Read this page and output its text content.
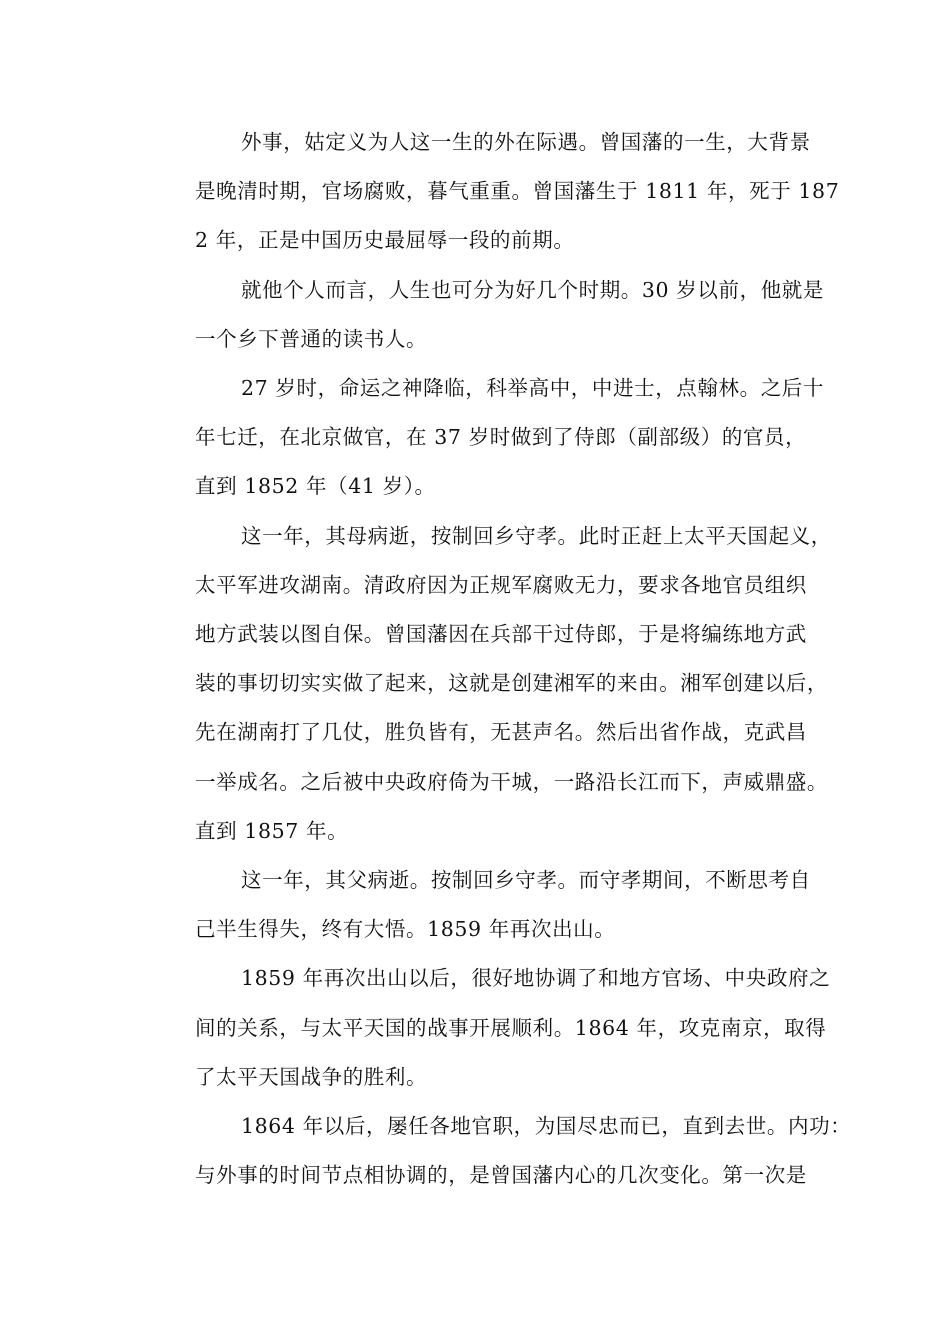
外事，姑定义为人这一生的外在际遇。曾国藩的一生，大背景
是晚清时期，官场腐败，暮气重重。曾国藩生于 1811 年，死于 187
2 年，正是中国历史最屈辱一段的前期。
就他个人而言，人生也可分为好几个时期。30 岁以前，他就是
一个乡下普通的读书人。
27 岁时，命运之神降临，科举高中，中进士，点翰林。之后十
年七迁，在北京做官，在 37 岁时做到了侍郎（副部级）的官员，
直到 1852 年（41 岁）。
这一年，其母病逝，按制回乡守孝。此时正赶上太平天国起义，
太平军进攻湖南。清政府因为正规军腐败无力，要求各地官员组织
地方武装以图自保。曾国藩因在兵部干过侍郎，于是将编练地方武
装的事切切实实做了起来，这就是创建湘军的来由。湘军创建以后，
先在湖南打了几仗，胜负皆有，无甚声名。然后出省作战，克武昌
一举成名。之后被中央政府倚为干城，一路沿长江而下，声威鼎盛。
直到 1857 年。
这一年，其父病逝。按制回乡守孝。而守孝期间，不断思考自
己半生得失，终有大悟。1859 年再次出山。
1859 年再次出山以后，很好地协调了和地方官场、中央政府之
间的关系，与太平天国的战事开展顺利。1864 年，攻克南京，取得
了太平天国战争的胜利。
1864 年以后，屡任各地官职，为国尽忠而已，直到去世。内功：
与外事的时间节点相协调的，是曾国藩内心的几次变化。第一次是
